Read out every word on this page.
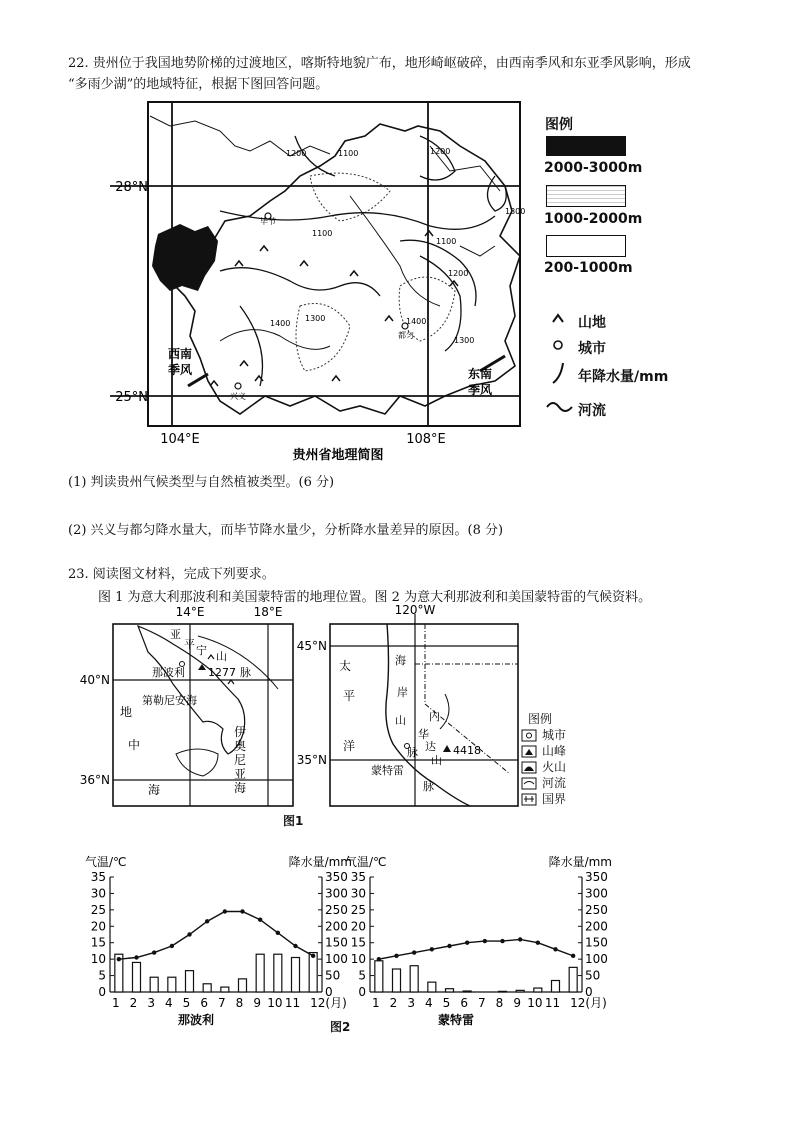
22. 贵州位于我国地势阶梯的过渡地区，喀斯特地貌广布，地形崎岖破碎，由西南季风和东亚季风影响，形成
“多雨少湖”的地域特征，根据下图回答问题。
28°N
25°N
104°E	108°E
贵州省地理简图
毕节
兴义
都匀
西南
季风	东南
季风
1200	1100	1200
1300
1100
1100
1200
1400
1300	1400
1300
图例
2000-3000m
1000-2000m
200-1000m
山地
城市
年降水量/mm
河流
(1) 判读贵州气候类型与自然植被类型。(6 分)
(2) 兴义与都匀降水量大，而毕节降水量少，分析降水量差异的原因。(8 分)
23. 阅读图文材料，完成下列要求。
图 1 为意大利那波利和美国蒙特雷的地理位置。图 2 为意大利那波利和美国蒙特雷的气候资料。
14°E	18°E
40°N
36°N
亚
平 宁 山
那波利 1277 脉
第勒尼安海
地
中
海
伊
奥
尼
亚
海
120°W
45°N
35°N
太
平
洋
海
岸
山 内
华
脉 达
山
脉
4418
蒙特雷
图例
城市
山峰
火山
河流
国界
图1
气温/℃	降水量/mm
0
5
10
15
20
25
30
35
0
50
100
150
200
250
300
350
1 2 3 4 5 6 7 8 9 10 11 12(月)
那波利
气温/℃	降水量/mm
0
5
10
15
20
25
30
35
0
50
100
150
200
250
300
350
1 2 3 4 5 6 7 8 9 10 11 12(月)
蒙特雷
图2
